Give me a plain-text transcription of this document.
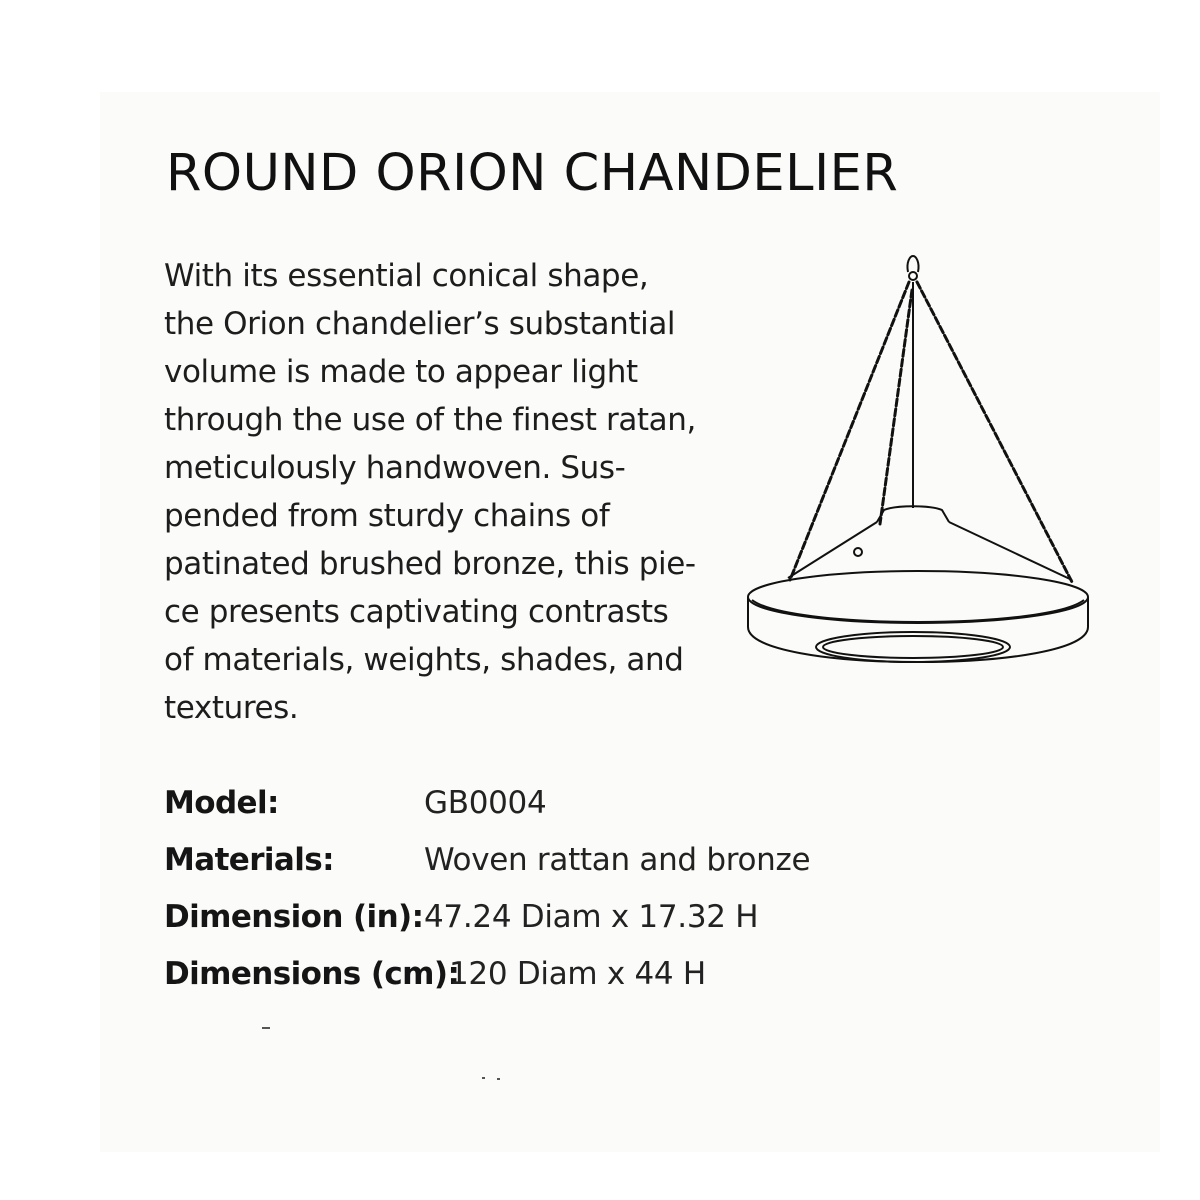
ROUND ORION CHANDELIER
With its essential conical shape,
the Orion chandelier’s substantial
volume is made to appear light
through the use of the finest ratan,
meticulously handwoven. Sus-
pended from sturdy chains of
patinated brushed bronze, this pie-
ce presents captivating contrasts
of materials, weights, shades, and
textures.
Model:	GB0004
Materials:	Woven rattan and bronze
Dimension (in): 47.24 Diam x 17.32 H
Dimensions (cm):
120 Diam x 44 H
